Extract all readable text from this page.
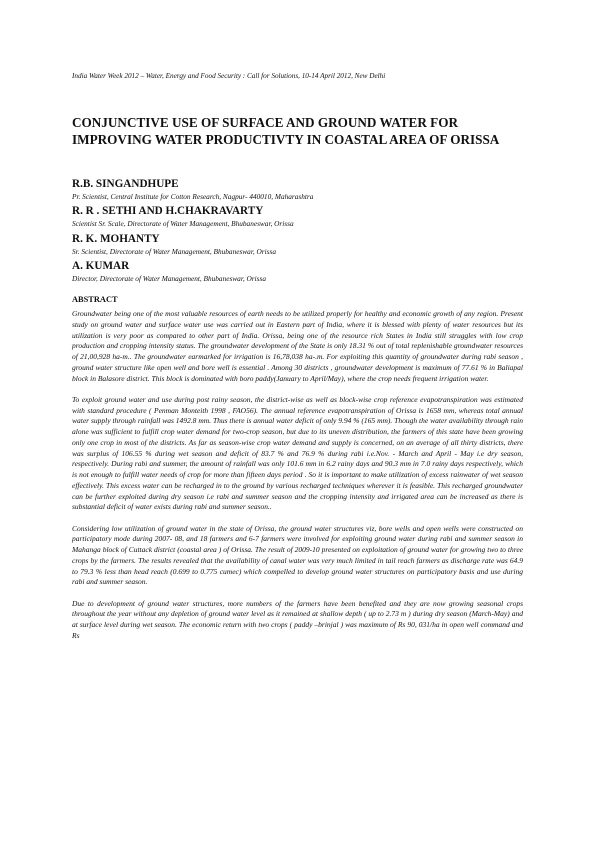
India Water Week 2012 – Water, Energy and Food Security : Call for Solutions, 10-14 April 2012, New Delhi
CONJUNCTIVE USE OF SURFACE AND GROUND WATER FOR IMPROVING WATER PRODUCTIVTY IN COASTAL AREA OF ORISSA

R.B. SINGANDHUPE

Pr. Scientist, Central Institute for Cotton Research, Nagpur- 440010, Maharashtra

R. R . SETHI AND H.CHAKRAVARTY

Scientist Sr. Scale, Directorate of Water Management, Bhubaneswar, Orissa

R. K. MOHANTY

Sr. Scientist, Directorate of Water Management, Bhubaneswar, Orissa

A. KUMAR

Director, Directorate of Water Management, Bhubaneswar, Orissa

ABSTRACT

Groundwater being one of the most valuable resources of earth needs to be utilized properly for healthy and economic growth of any region. Present study on ground water and surface water use was carried out in Eastern part of India, where it is blessed with plenty of water resources but its utilization is very poor as compared to other part of India. Orissa, being one of the resource rich States in India still struggles with low crop production and cropping intensity status. The groundwater development of the State is only 18.31 % out of total replenishable groundwater resources of 21,00,928 ha-m.. The groundwater earmarked for irrigation is 16,78,038 ha-.m. For exploiting this quantity of groundwater during rabi season , ground water structure like open well and bore well is essential . Among 30 districts , groundwater development is maximum of 77.61 % in Baliapal block in Balasore district. This block is dominated with boro paddy(January to April/May), where the crop needs frequent irrigation water.

To exploit ground water and use during post rainy season, the district-wise as well as block-wise crop reference evapotranspiration was estimated with standard procedure ( Penman Monteith 1998 , FAO56). The annual reference evapotranspiration of Orissa is 1658 mm, whereas total annual water supply through rainfall was 1492.8 mm. Thus there is annual water deficit of only 9.94 % (165 mm). Though the water availability through rain alone was sufficient to fulfill crop water demand for two-crop season, but due to its uneven distribution, the farmers of this state have been growing only one crop in most of the districts. As far as season-wise crop water demand and supply is concerned, on an average of all thirty districts, there was surplus of 106.55 % during wet season and deficit of 83.7 % and 76.9 % during rabi i.e.Nov. - March and April - May i.e dry season, respectively. During rabi and summer, the amount of rainfall was only 101.6 mm in 6.2 rainy days and 90.3 mm in 7.0 rainy days respectively, which is not enough to fulfill water needs of crop for more than fifteen days period . So it is important to make utilization of excess rainwater of wet season effectively. This excess water can be recharged in to the ground by various recharged techniques wherever it is feasible. This recharged groundwater can be further exploited during dry season i.e rabi and summer season and the cropping intensity and irrigated area can be increased as there is substantial deficit of water exists during rabi and summer season..

Considering low utilization of ground water in the state of Orissa, the ground water structures viz, bore wells and open wells were constructed on participatory mode during 2007- 08, and 18 farmers and 6-7 farmers were involved for exploiting ground water during rabi and summer season in Mahanga block of Cuttack district (coastal area ) of Orissa. The result of 2009-10 presented on exploitation of ground water for growing two to three crops by the farmers. The results revealed that the availability of canal water was very much limited in tail reach farmers as discharge rate was 64.9 to 79.3 % less than head reach (0.699 to 0.775 cumec) which compelled to develop ground water structures on participatory basis and use during rabi and summer season.

Due to development of ground water structures, more numbers of the farmers have been benefited and they are now growing seasonal crops throughout the year without any depletion of ground water level as it remained at shallow depth ( up to 2.73 m ) during dry season (March-May) and at surface level during wet season. The economic return with two crops ( paddy –brinjal ) was maximum of Rs 90, 031/ha in open well command and Rs
